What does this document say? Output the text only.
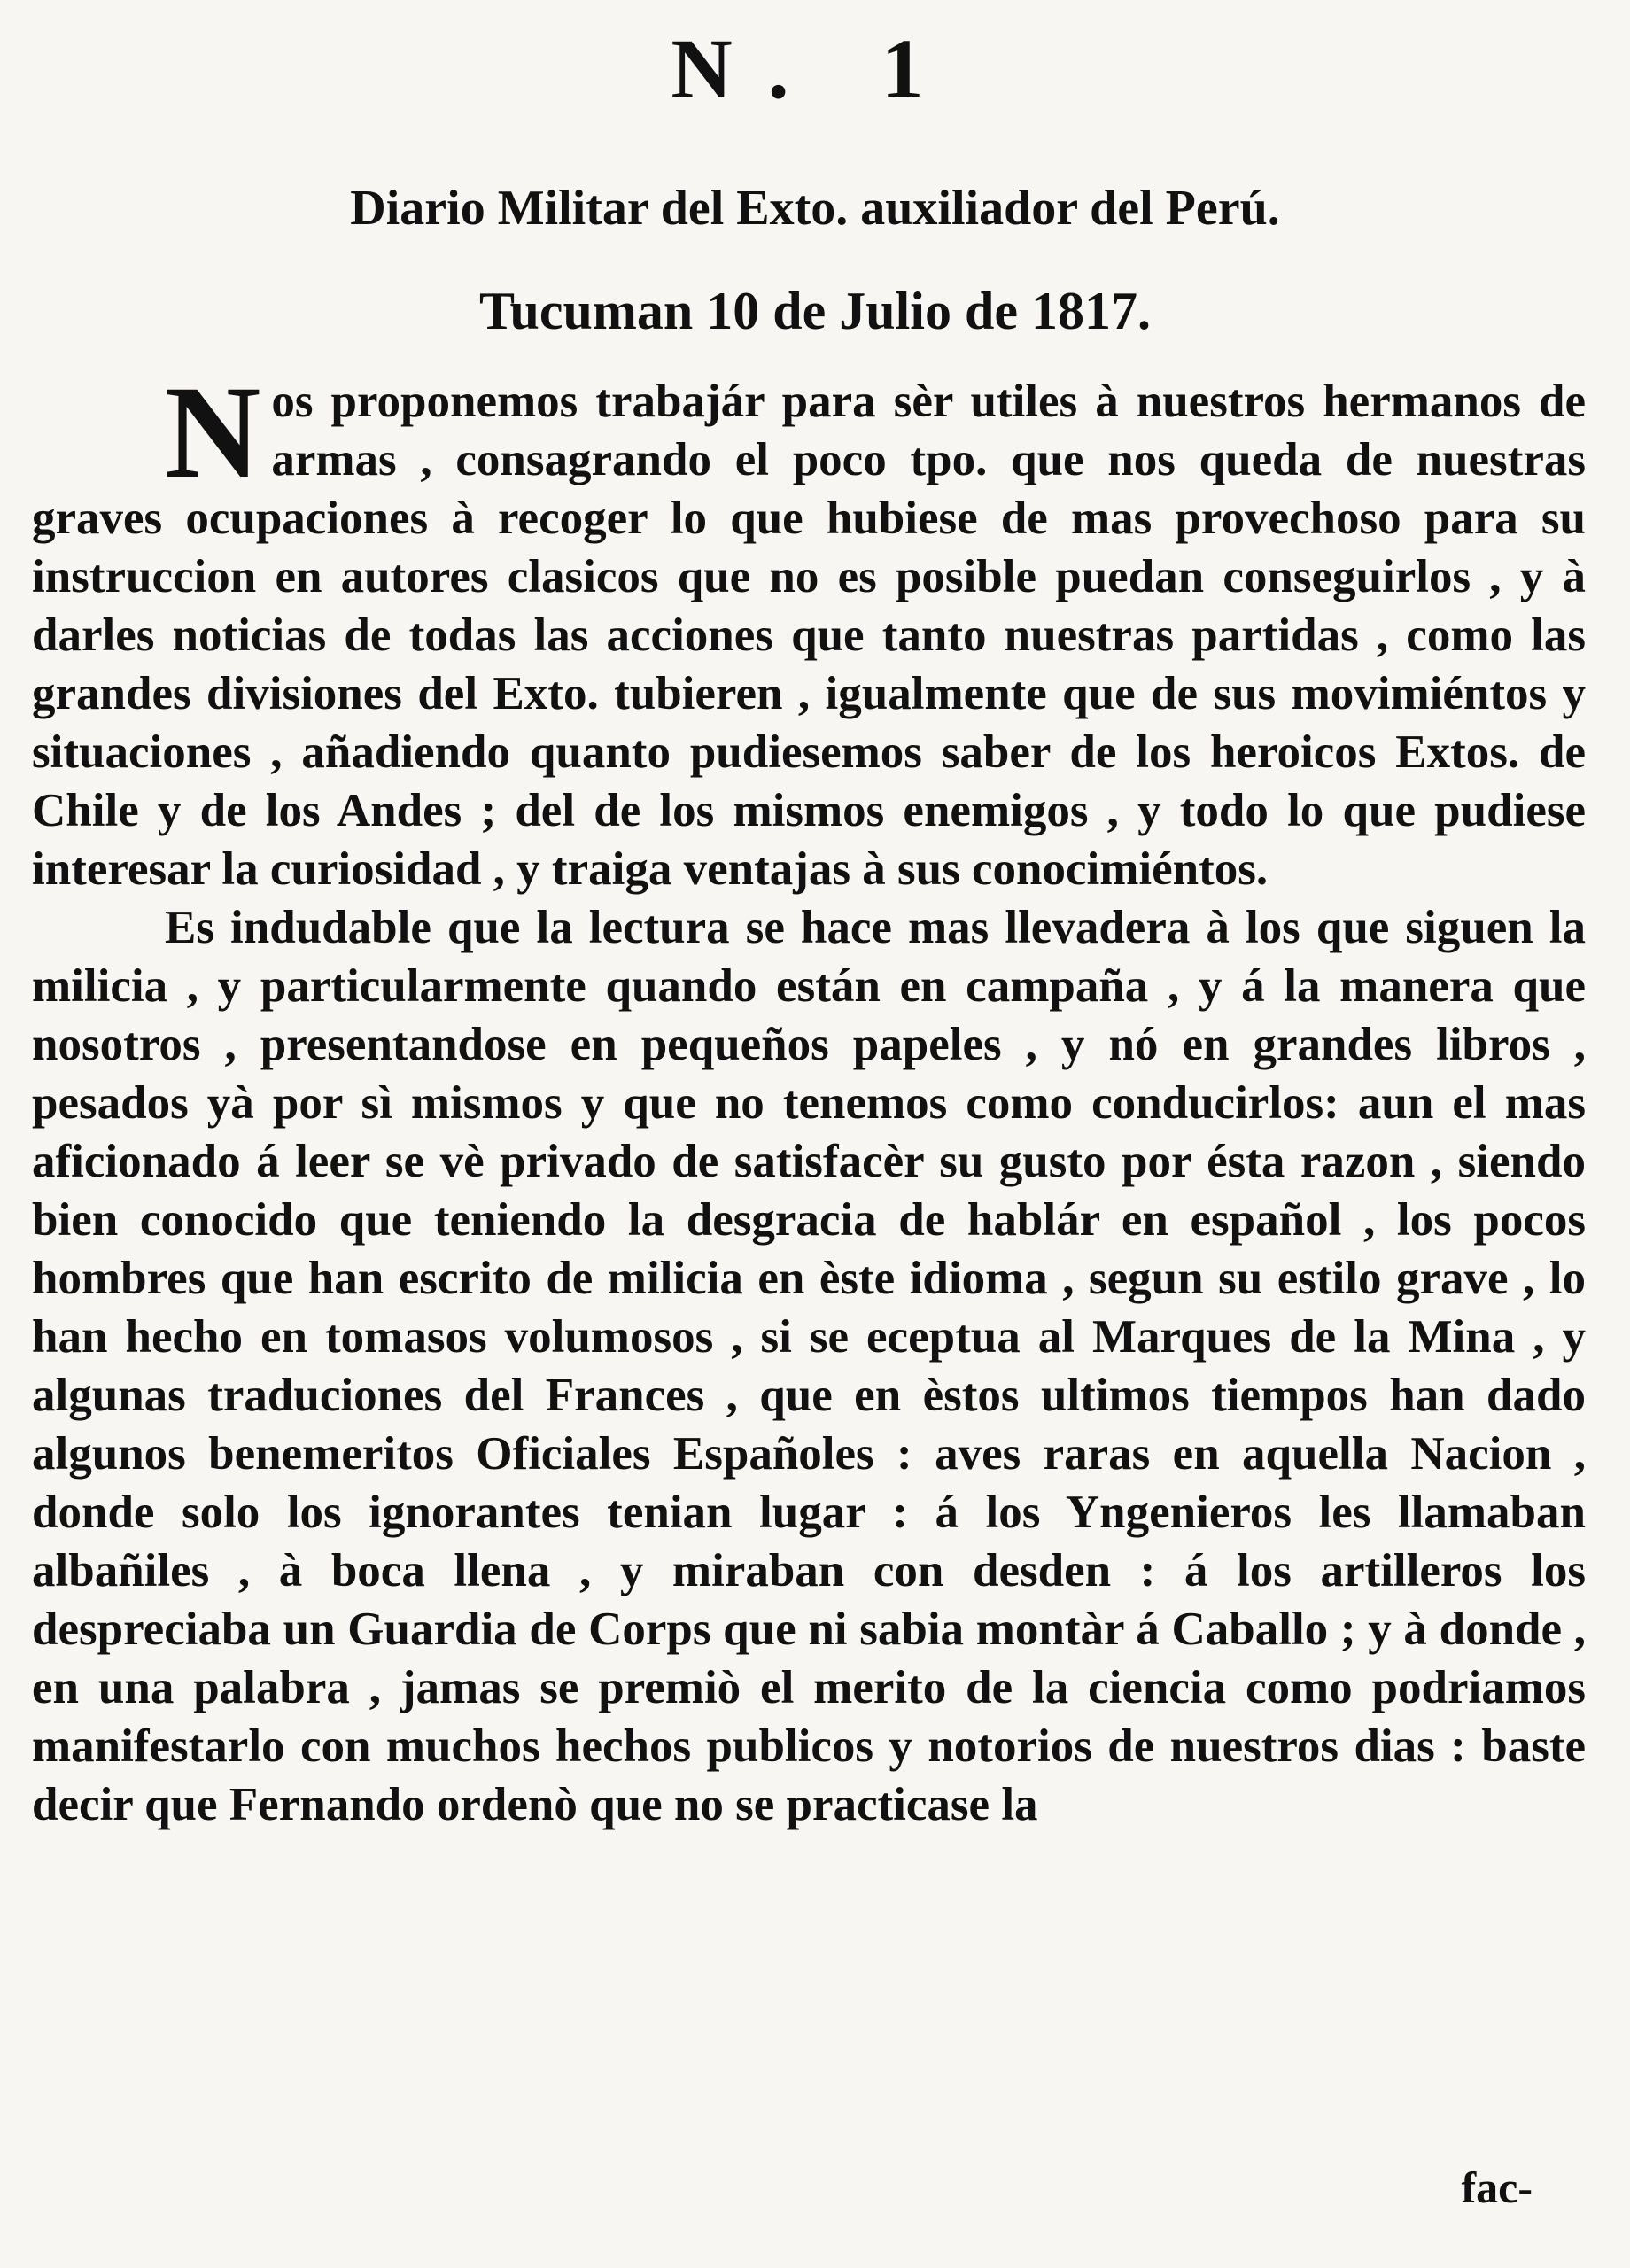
N. 1
Diario Militar del Exto. auxiliador del Perú.
Tucuman 10 de Julio de 1817.

Nos proponemos trabajár para sèr utiles à nuestros hermanos de armas , consagrando el poco tpo. que nos queda de nuestras graves ocupaciones à recoger lo que hubiese de mas provechoso para su instruccion en autores clasicos que no es posible puedan conseguirlos , y à darles noticias de todas las acciones que tanto nuestras partidas , como las grandes divisiones del Exto. tubieren , igualmente que de sus movimiéntos y situaciones , añadiendo quanto pudiesemos saber de los heroicos Extos. de Chile y de los Andes ; del de los mismos enemigos , y todo lo que pudiese interesar la curiosidad , y traiga ventajas à sus conocimiéntos.

Es indudable que la lectura se hace mas llevadera à los que siguen la milicia , y particularmente quando están en campaña , y á la manera que nosotros , presentandose en pequeños papeles , y nó en grandes libros , pesados yà por sì mismos y que no tenemos como conducirlos: aun el mas aficionado á leer se vè privado de satisfacèr su gusto por ésta razon , siendo bien conocido que teniendo la desgracia de hablár en español , los pocos hombres que han escrito de milicia en èste idioma , segun su estilo grave , lo han hecho en tomasos volumosos , si se eceptua al Marques de la Mina , y algunas traduciones del Frances , que en èstos ultimos tiempos han dado algunos benemeritos Oficiales Españoles : aves raras en aquella Nacion , donde solo los ignorantes tenian lugar : á los Yngenieros les llamaban albañiles , à boca llena , y miraban con desden : á los artilleros los despreciaba un Guardia de Corps que ni sabia montàr á Caballo ; y à donde , en una palabra , jamas se premiò el merito de la ciencia como podriamos manifestarlo con muchos hechos publicos y notorios de nuestros dias : baste decir que Fernando ordenò que no se practicase la

fac-
